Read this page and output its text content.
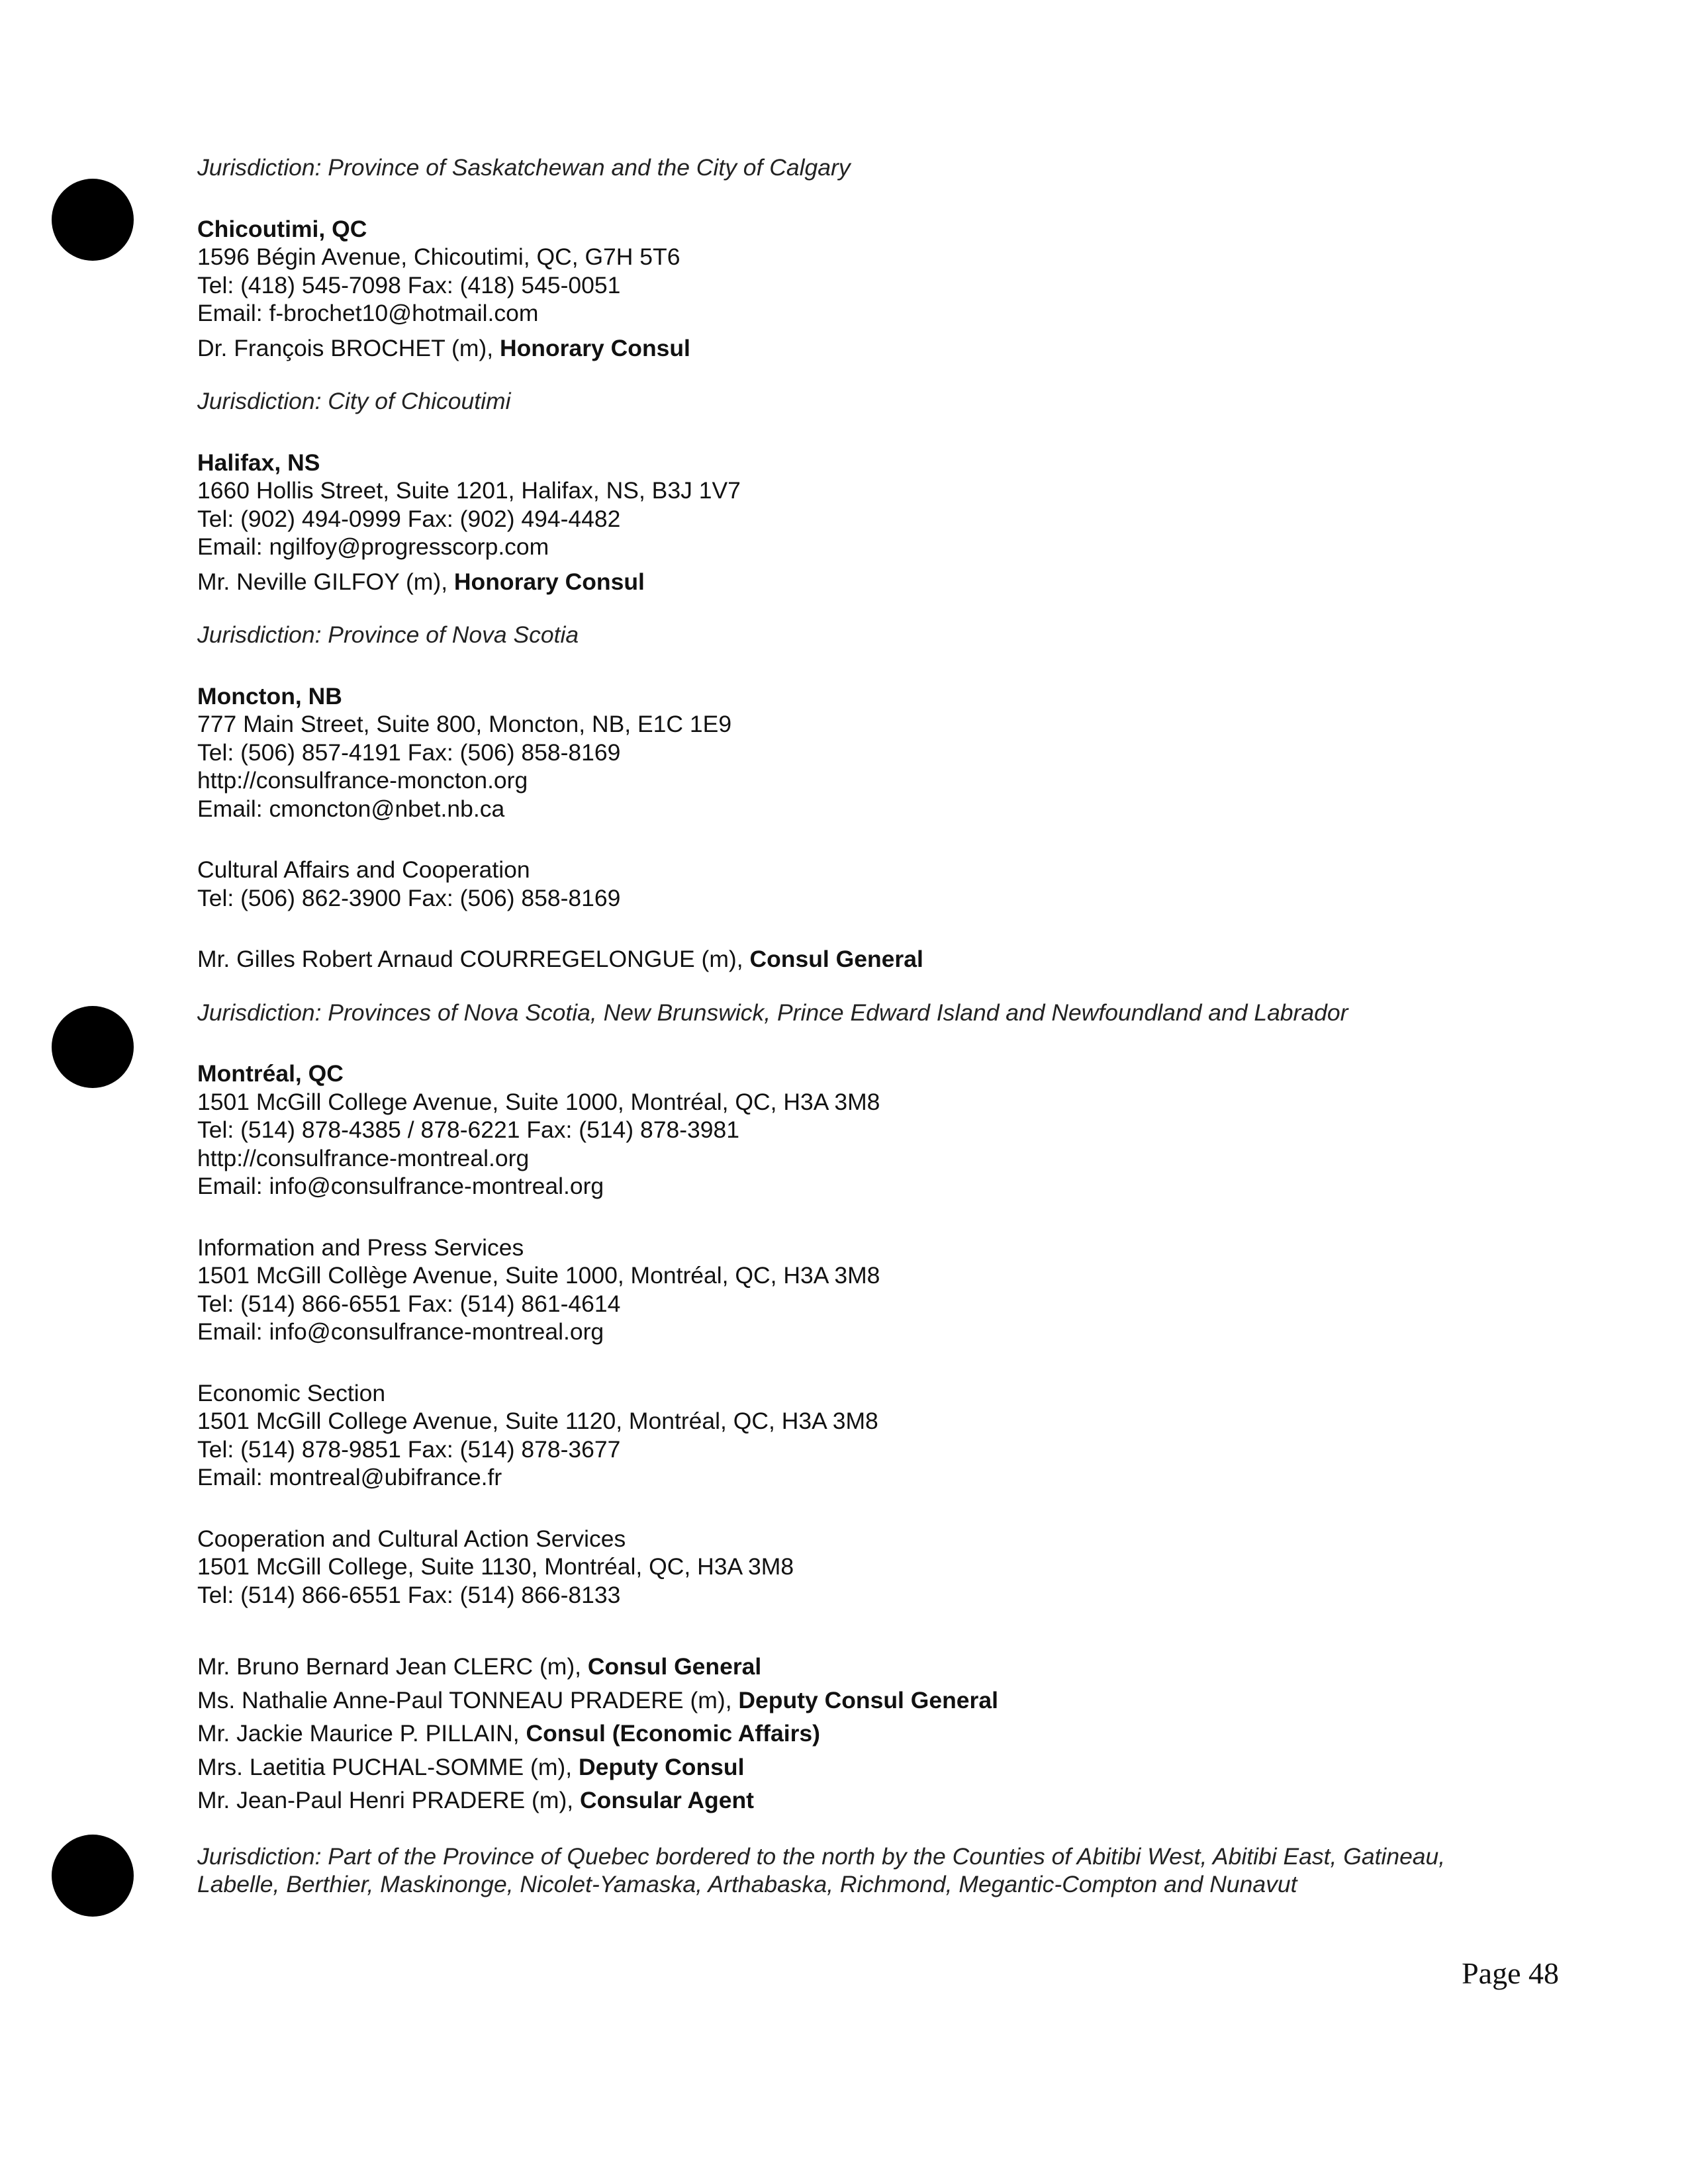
Jurisdiction: Province of Saskatchewan and the City of Calgary
Chicoutimi, QC
1596 Bégin Avenue, Chicoutimi, QC, G7H 5T6
Tel: (418) 545-7098 Fax: (418) 545-0051
Email: f-brochet10@hotmail.com
Dr. François BROCHET (m), Honorary Consul
Jurisdiction: City of Chicoutimi
Halifax, NS
1660 Hollis Street, Suite 1201, Halifax, NS, B3J 1V7
Tel: (902) 494-0999 Fax: (902) 494-4482
Email: ngilfoy@progresscorp.com
Mr. Neville GILFOY (m), Honorary Consul
Jurisdiction: Province of Nova Scotia
Moncton, NB
777 Main Street, Suite 800, Moncton, NB, E1C 1E9
Tel: (506) 857-4191 Fax: (506) 858-8169
http://consulfrance-moncton.org
Email: cmoncton@nbet.nb.ca
Cultural Affairs and Cooperation
Tel: (506) 862-3900 Fax: (506) 858-8169
Mr. Gilles Robert Arnaud COURREGELONGUE (m), Consul General
Jurisdiction: Provinces of Nova Scotia, New Brunswick, Prince Edward Island and Newfoundland and Labrador
Montréal, QC
1501 McGill College Avenue, Suite 1000, Montréal, QC, H3A 3M8
Tel: (514) 878-4385 / 878-6221 Fax: (514) 878-3981
http://consulfrance-montreal.org
Email: info@consulfrance-montreal.org
Information and Press Services
1501 McGill Collège Avenue, Suite 1000, Montréal, QC, H3A 3M8
Tel: (514) 866-6551 Fax: (514) 861-4614
Email: info@consulfrance-montreal.org
Economic Section
1501 McGill College Avenue, Suite 1120, Montréal, QC, H3A 3M8
Tel: (514) 878-9851 Fax: (514) 878-3677
Email: montreal@ubifrance.fr
Cooperation and Cultural Action Services
1501 McGill College, Suite 1130, Montréal, QC, H3A 3M8
Tel: (514) 866-6551 Fax: (514) 866-8133
Mr. Bruno Bernard Jean CLERC (m), Consul General
Ms. Nathalie Anne-Paul TONNEAU PRADERE (m), Deputy Consul General
Mr. Jackie Maurice P. PILLAIN, Consul (Economic Affairs)
Mrs. Laetitia PUCHAL-SOMME (m), Deputy Consul
Mr. Jean-Paul Henri PRADERE (m), Consular Agent
Jurisdiction: Part of the Province of Quebec bordered to the north by the Counties of Abitibi West, Abitibi East, Gatineau,
Labelle, Berthier, Maskinonge, Nicolet-Yamaska, Arthabaska, Richmond, Megantic-Compton and Nunavut
Page 48
